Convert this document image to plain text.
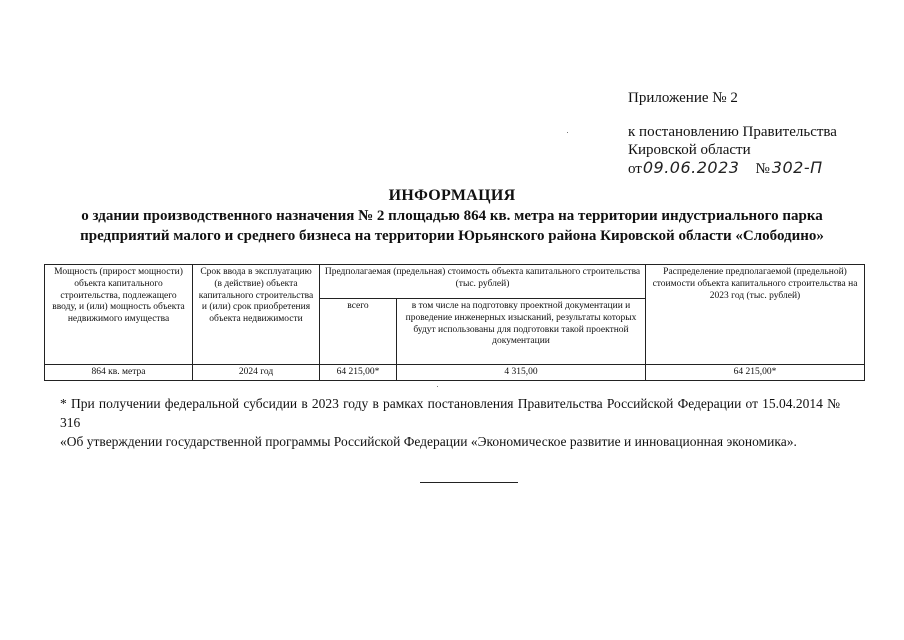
Приложение № 2
к постановлению Правительства
Кировской области
от09.06.2023 № 302-П
ИНФОРМАЦИЯ
о здании производственного назначения № 2 площадью 864 кв. метра на территории индустриального парка
предприятий малого и среднего бизнеса на территории Юрьянского района Кировской области «Слободино»
Мощность (прирост мощности) объекта капитального строительства, подлежащего вводу, и (или) мощность объекта недвижимого имущества	Срок ввода в эксплуатацию (в действие) объекта капитального строительства и (или) срок приобретения объекта недвижимости	Предполагаемая (предельная) стоимость объекта капитального строительства (тыс. рублей)		Распределение предполагаемой (предельной) стоимости объекта капитального строительства на 2023 год (тыс. рублей)
		всего	в том числе на подготовку проектной документации и проведение инженерных изысканий, результаты которых будут использованы для подготовки такой проектной документации	
864 кв. метра	2024 год	64 215,00*	4 315,00	64 215,00*
* При получении федеральной субсидии в 2023 году в рамках постановления Правительства Российской Федерации от 15.04.2014 № 316
«Об утверждении государственной программы Российской Федерации «Экономическое развитие и инновационная экономика».
